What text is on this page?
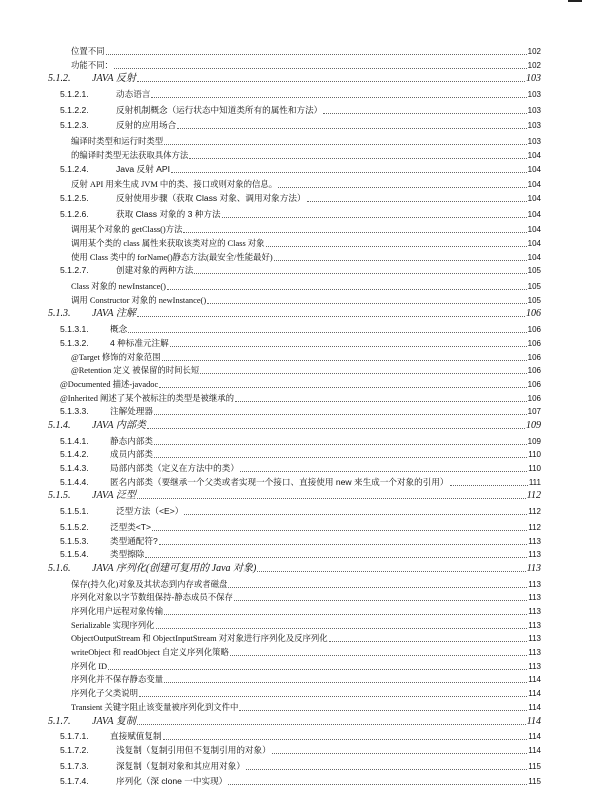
位置不同	102
功能不同：	102
5.1.2.	JAVA 反射	103
5.1.2.1.	动态语言	103
5.1.2.2.	反射机制概念（运行状态中知道类所有的属性和方法）	103
5.1.2.3.	反射的应用场合	103
编译时类型和运行时类型	103
的编译时类型无法获取具体方法	104
5.1.2.4.	Java 反射 API	104
反射 API 用来生成 JVM 中的类、接口或则对象的信息。	104
5.1.2.5.	反射使用步骤（获取 Class 对象、调用对象方法）	104
5.1.2.6.	获取 Class 对象的 3 种方法	104
调用某个对象的 getClass()方法	104
调用某个类的 class 属性来获取该类对应的 Class 对象	104
使用 Class 类中的 forName()静态方法(最安全/性能最好)	104
5.1.2.7.	创建对象的两种方法	105
Class 对象的 newInstance()	105
调用 Constructor 对象的 newInstance()	105
5.1.3.	JAVA 注解	106
5.1.3.1.	概念	106
5.1.3.2.	4 种标准元注解	106
@Target 修饰的对象范围	106
@Retention 定义 被保留的时间长短	106
@Documented 描述-javadoc	106
@Inherited 阐述了某个被标注的类型是被继承的	106
5.1.3.3.	注解处理器	107
5.1.4.	JAVA 内部类	109
5.1.4.1.	静态内部类	109
5.1.4.2.	成员内部类	110
5.1.4.3.	局部内部类（定义在方法中的类）	110
5.1.4.4.	匿名内部类（要继承一个父类或者实现一个接口、直接使用 new 来生成一个对象的引用）	111
5.1.5.	JAVA 泛型	112
5.1.5.1.	泛型方法（<E>）	112
5.1.5.2.	泛型类<T>	112
5.1.5.3.	类型通配符?	113
5.1.5.4.	类型擦除	113
5.1.6.	JAVA 序列化(创建可复用的 Java 对象)	113
保存(持久化)对象及其状态到内存或者磁盘	113
序列化对象以字节数组保持-静态成员不保存	113
序列化用户远程对象传输	113
Serializable 实现序列化	113
ObjectOutputStream 和 ObjectInputStream 对对象进行序列化及反序列化	113
writeObject 和 readObject 自定义序列化策略	113
序列化 ID	113
序列化并不保存静态变量	114
序列化子父类说明	114
Transient 关键字阻止该变量被序列化到文件中	114
5.1.7.	JAVA 复制	114
5.1.7.1.	直接赋值复制	114
5.1.7.2.	浅复制（复制引用但不复制引用的对象）	114
5.1.7.3.	深复制（复制对象和其应用对象）	115
5.1.7.4.	序列化（深 clone 一中实现）	115
